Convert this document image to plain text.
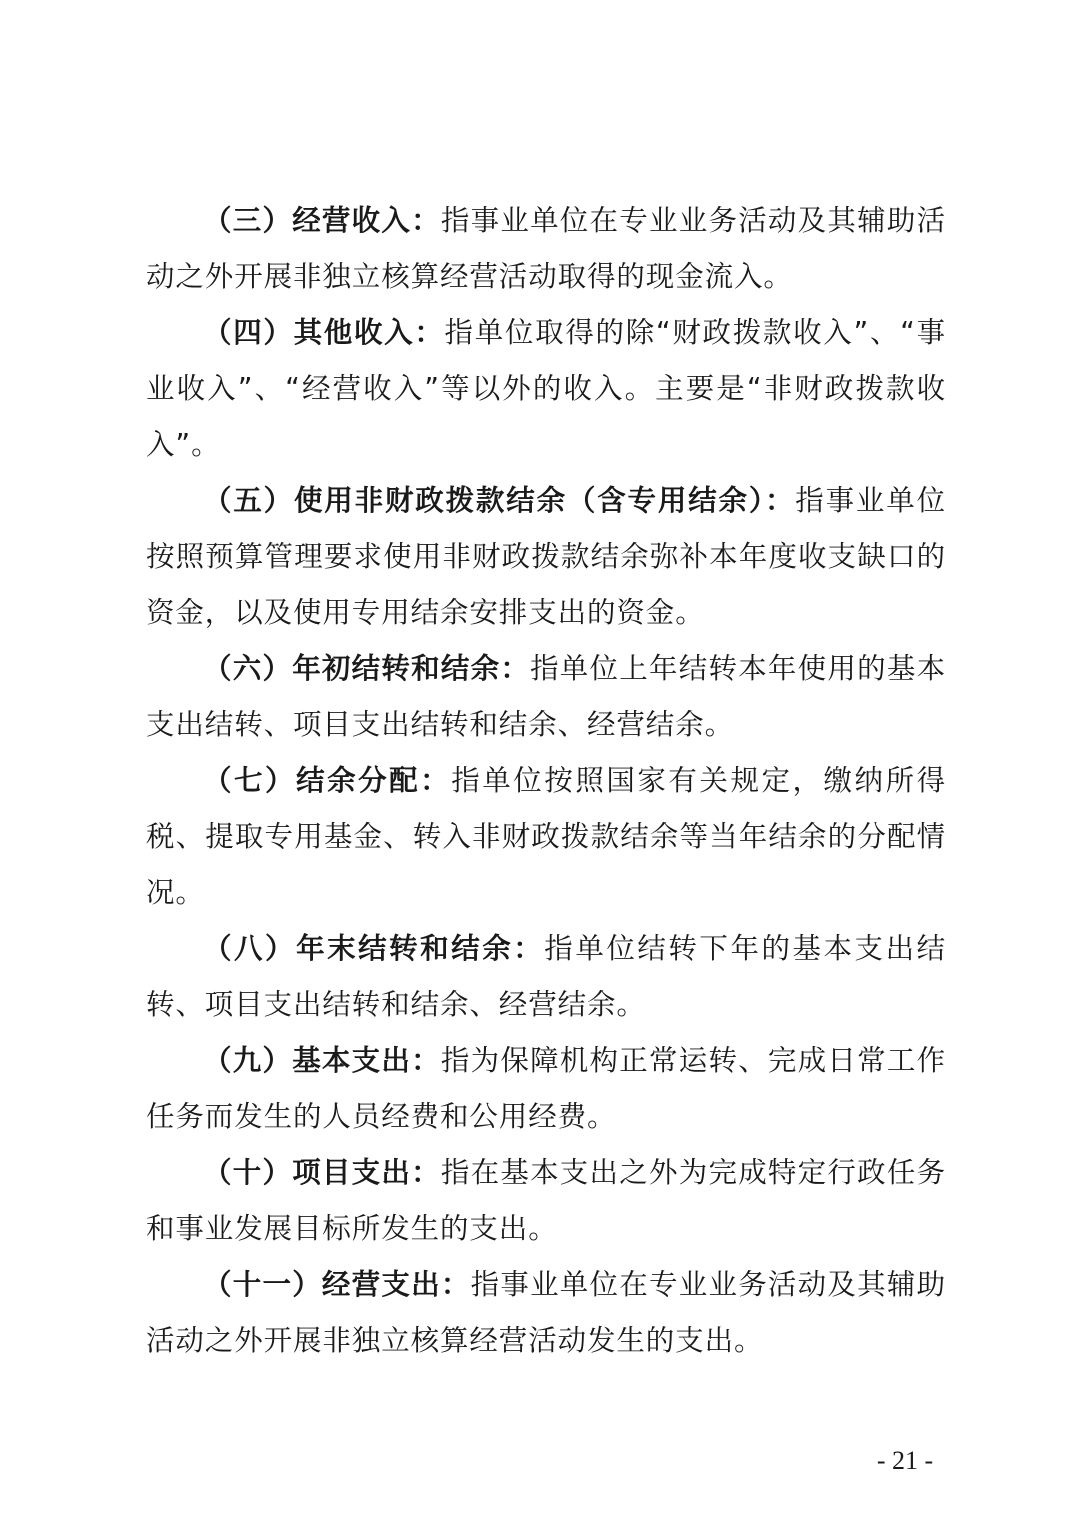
（三）经营收入：指事业单位在专业业务活动及其辅助活动之外开展非独立核算经营活动取得的现金流入。

（四）其他收入：指单位取得的除“财政拨款收入”、“事业收入”、“经营收入”等以外的收入。主要是“非财政拨款收入”。

（五）使用非财政拨款结余（含专用结余）：指事业单位按照预算管理要求使用非财政拨款结余弥补本年度收支缺口的资金，以及使用专用结余安排支出的资金。

（六）年初结转和结余：指单位上年结转本年使用的基本支出结转、项目支出结转和结余、经营结余。

（七）结余分配：指单位按照国家有关规定，缴纳所得税、提取专用基金、转入非财政拨款结余等当年结余的分配情况。

（八）年末结转和结余：指单位结转下年的基本支出结转、项目支出结转和结余、经营结余。

（九）基本支出：指为保障机构正常运转、完成日常工作任务而发生的人员经费和公用经费。

（十）项目支出：指在基本支出之外为完成特定行政任务和事业发展目标所发生的支出。

（十一）经营支出：指事业单位在专业业务活动及其辅助活动之外开展非独立核算经营活动发生的支出。

- 21 -
